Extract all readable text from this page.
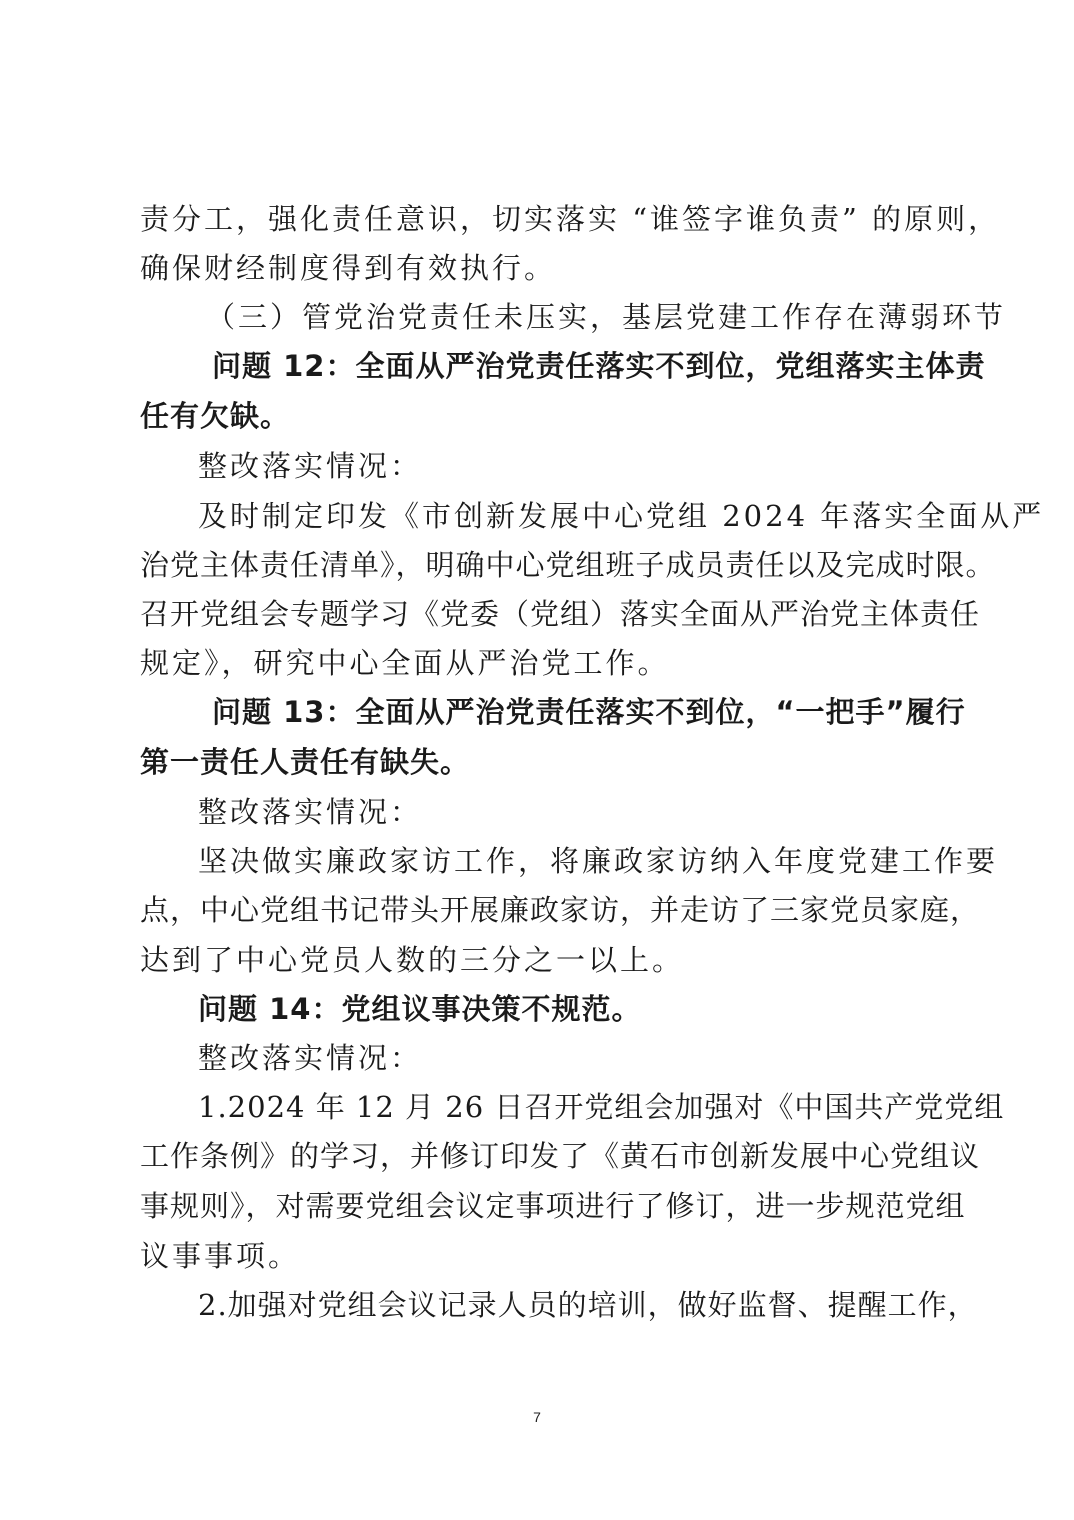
责分工，强化责任意识，切实落实 “谁签字谁负责” 的原则，
确保财经制度得到有效执行。
（三）管党治党责任未压实，基层党建工作存在薄弱环节
问题 12：全面从严治党责任落实不到位，党组落实主体责
任有欠缺。
整改落实情况：
及时制定印发《市创新发展中心党组 2024 年落实全面从严
治党主体责任清单》，明确中心党组班子成员责任以及完成时限。
召开党组会专题学习《党委（党组）落实全面从严治党主体责任
规定》，研究中心全面从严治党工作。
问题 13：全面从严治党责任落实不到位，“一把手”履行
第一责任人责任有缺失。
整改落实情况：
坚决做实廉政家访工作，将廉政家访纳入年度党建工作要
点，中心党组书记带头开展廉政家访，并走访了三家党员家庭，
达到了中心党员人数的三分之一以上。
问题 14：党组议事决策不规范。
整改落实情况：
1.2024 年 12 月 26 日召开党组会加强对《中国共产党党组
工作条例》的学习，并修订印发了《黄石市创新发展中心党组议
事规则》，对需要党组会议定事项进行了修订，进一步规范党组
议事事项。
2.加强对党组会议记录人员的培训，做好监督、提醒工作，
7
